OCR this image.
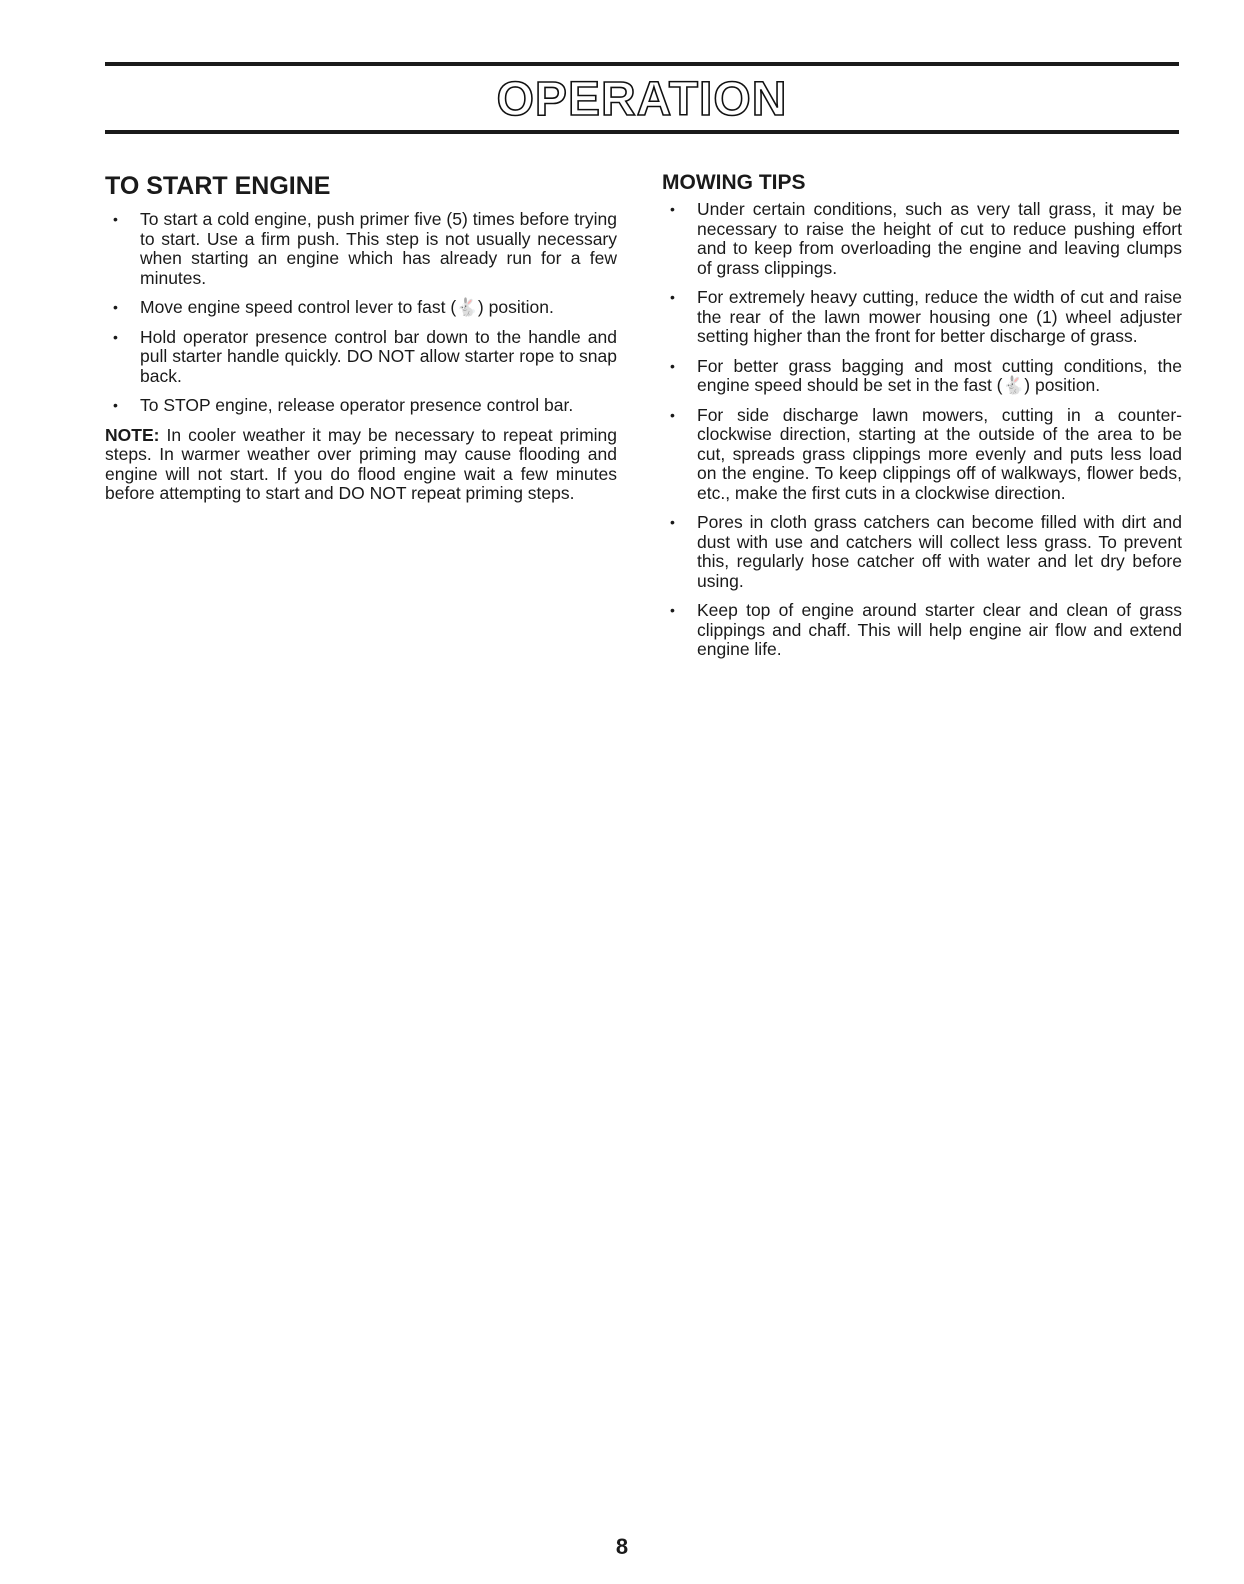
OPERATION
TO START ENGINE
• To start a cold engine, push primer five (5) times before trying to start. Use a firm push. This step is not usually necessary when starting an engine which has already run for a few minutes.
• Move engine speed control lever to fast (🐇) position.
• Hold operator presence control bar down to the handle and pull starter handle quickly. DO NOT allow starter rope to snap back.
• To STOP engine, release operator presence control bar.

NOTE: In cooler weather it may be necessary to repeat priming steps. In warmer weather over priming may cause flooding and engine will not start. If you do flood engine wait a few minutes before attempting to start and DO NOT repeat priming steps.

MOWING TIPS
• Under certain conditions, such as very tall grass, it may be necessary to raise the height of cut to reduce pushing effort and to keep from overloading the engine and leaving clumps of grass clippings.
• For extremely heavy cutting, reduce the width of cut and raise the rear of the lawn mower housing one (1) wheel adjuster setting higher than the front for better discharge of grass.
• For better grass bagging and most cutting conditions, the engine speed should be set in the fast (🐇) position.
• For side discharge lawn mowers, cutting in a counter-clockwise direction, starting at the outside of the area to be cut, spreads grass clippings more evenly and puts less load on the engine. To keep clippings off of walkways, flower beds, etc., make the first cuts in a clockwise direction.
• Pores in cloth grass catchers can become filled with dirt and dust with use and catchers will collect less grass. To prevent this, regularly hose catcher off with water and let dry before using.
• Keep top of engine around starter clear and clean of grass clippings and chaff. This will help engine air flow and extend engine life.
8
